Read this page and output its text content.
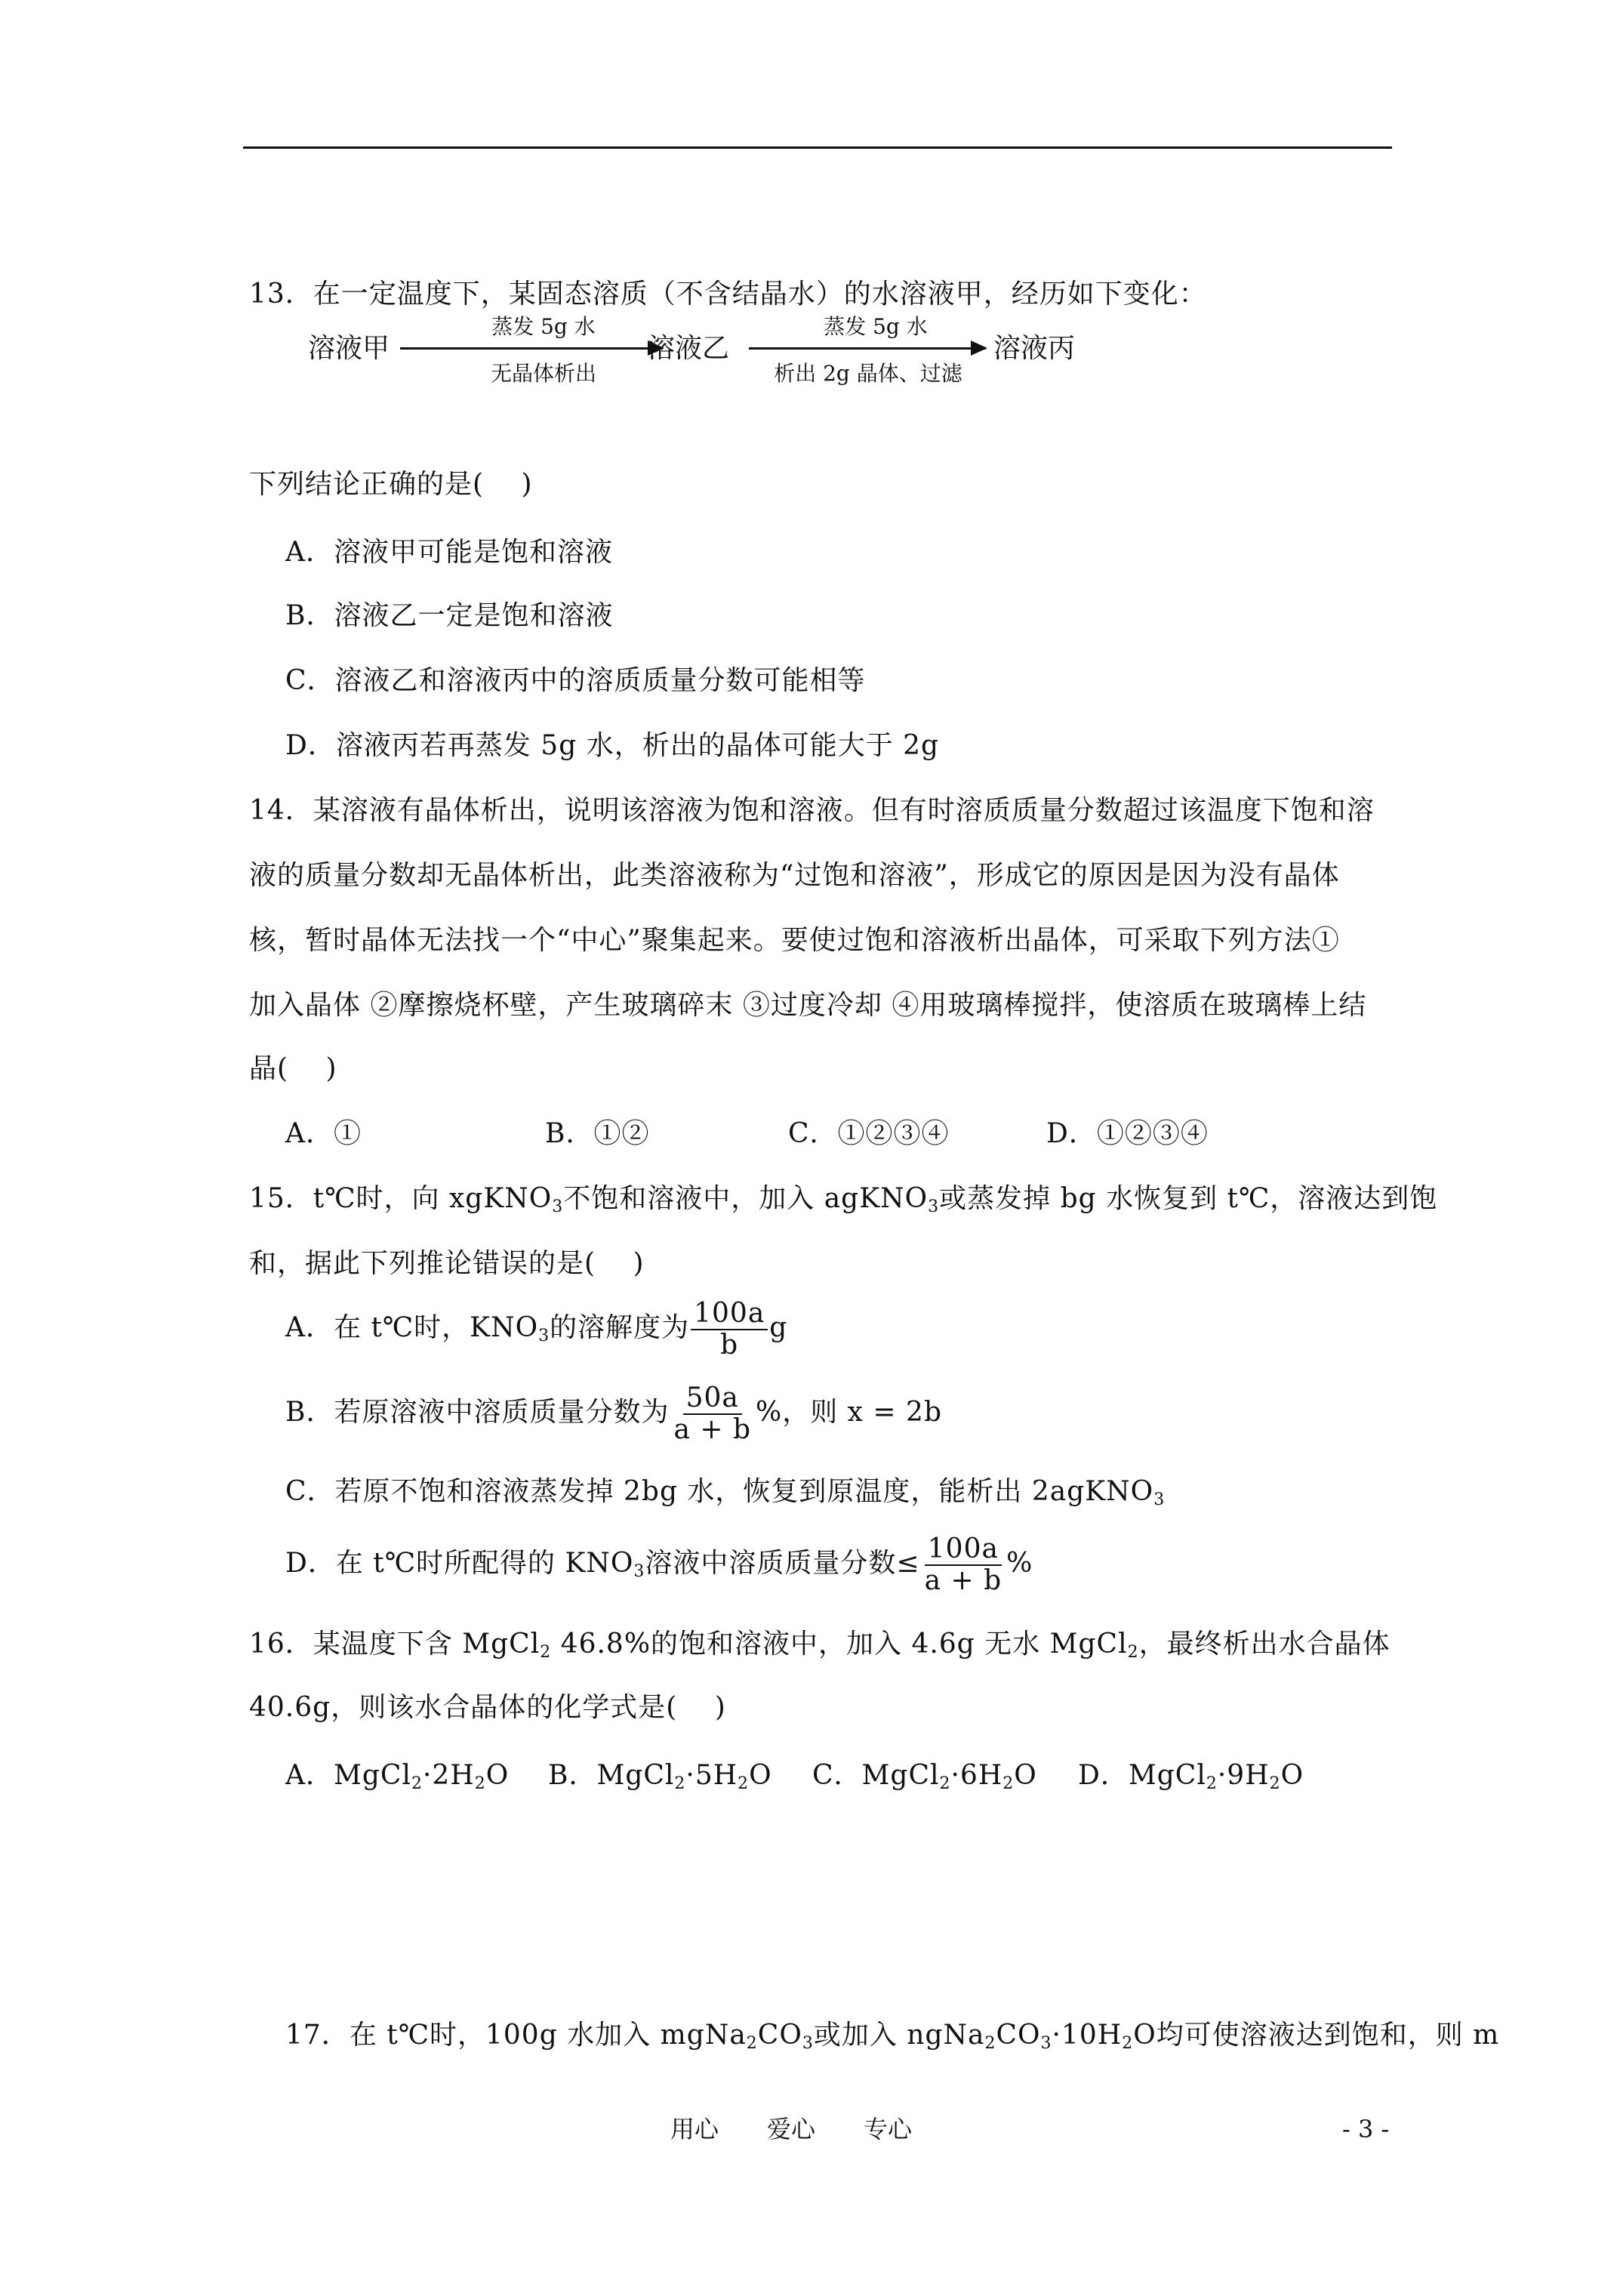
13．在一定温度下，某固态溶质（不含结晶水）的水溶液甲，经历如下变化：
溶液甲
蒸发 5g 水
无晶体析出
溶液乙
蒸发 5g 水
析出 2g 晶体、过滤
溶液丙
下列结论正确的是(　 )
A．溶液甲可能是饱和溶液
B．溶液乙一定是饱和溶液
C．溶液乙和溶液丙中的溶质质量分数可能相等
D．溶液丙若再蒸发 5g 水，析出的晶体可能大于 2g
14．某溶液有晶体析出，说明该溶液为饱和溶液。但有时溶质质量分数超过该温度下饱和溶
液的质量分数却无晶体析出，此类溶液称为“过饱和溶液”，形成它的原因是因为没有晶体
核，暂时晶体无法找一个“中心”聚集起来。要使过饱和溶液析出晶体，可采取下列方法①
加入晶体 ②摩擦烧杯壁，产生玻璃碎末 ③过度冷却 ④用玻璃棒搅拌，使溶质在玻璃棒上结
晶(　 )
A．①	B．①②	C．①②③④	D．①②③④
15．t℃时，向 xgKNO$_3$不饱和溶液中，加入 agKNO$_3$或蒸发掉 bg 水恢复到 t℃，溶液达到饱
和，据此下列推论错误的是(　 )
A．在 t℃时，$KNO_3$的溶解度为 $\frac{100a}{b}$ g
B．若原溶液中溶质质量分数为 $\frac{50a}{a + b}$ %，则 x = 2b
C．若原不饱和溶液蒸发掉 2bg 水，恢复到原温度，能析出 2agKNO$_3$
D．在 t℃时所配得的 $KNO_3$溶液中溶质质量分数≤ $\frac{100a}{a + b}$ %
16．某温度下含 MgCl$_2$ 46.8%的饱和溶液中，加入 4.6g 无水 MgCl$_2$，最终析出水合晶体
40.6g，则该水合晶体的化学式是(　 )
A．$MgCl_2\cdot 2H_2O$ B．$MgCl_2\cdot 5H_2O$ C．$MgCl_2\cdot 6H_2O$ D．$MgCl_2\cdot 9H_2O$
17．在 t℃时，100g 水加入 $mgNa_2CO_3$或加入 $ngNa_2CO_3\cdot 10H_2O$均可使溶液达到饱和，则 m
用心　　爱心　　专心	- 3 -
